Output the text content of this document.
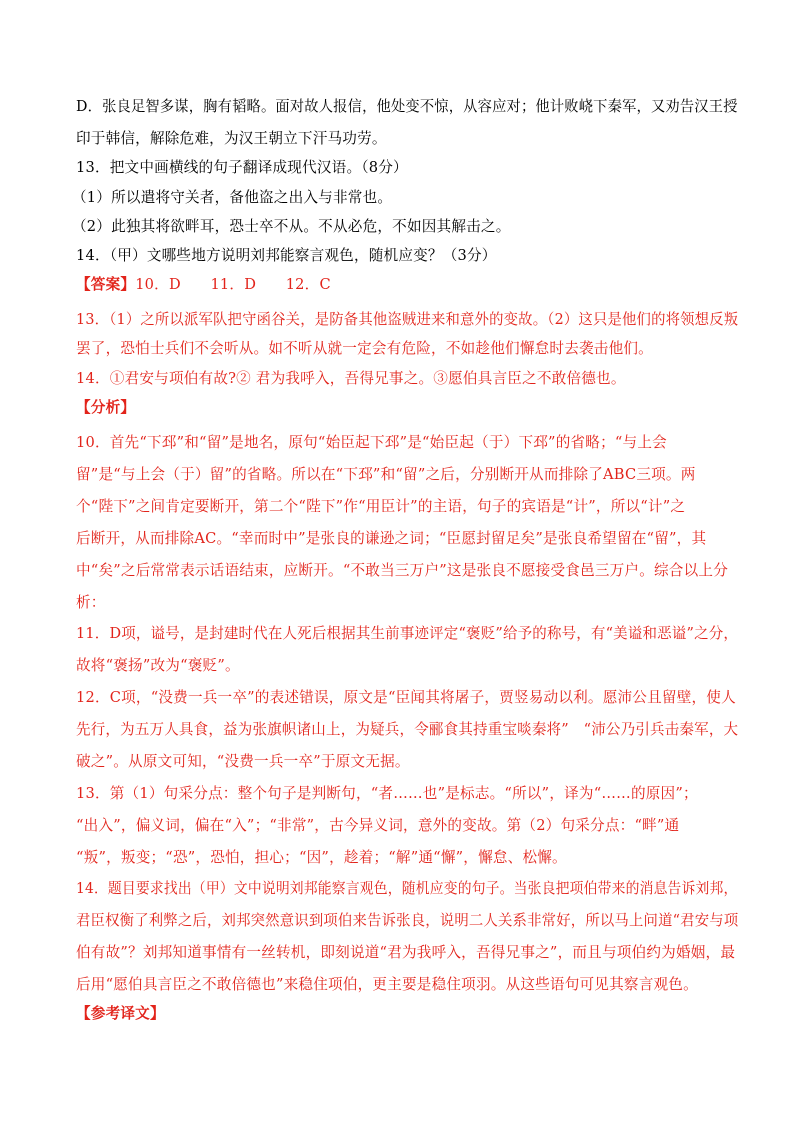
D．张良足智多谋，胸有韬略。面对故人报信，他处变不惊，从容应对；他计败峣下秦军，又劝告汉王授
印于韩信，解除危难，为汉王朝立下汗马功劳。
13．把文中画横线的句子翻译成现代汉语。（8分）
（1）所以遣将守关者，备他盗之出入与非常也。
（2）此独其将欲畔耳，恐士卒不从。不从必危，不如因其解击之。
14．（甲）文哪些地方说明刘邦能察言观色，随机应变？（3分）
【答案】10．D　　11．D　　12．C
13．（1）之所以派军队把守函谷关，是防备其他盗贼进来和意外的变故。（2）这只是他们的将领想反叛
罢了，恐怕士兵们不会听从。如不听从就一定会有危险，不如趁他们懈怠时去袭击他们。
14．①君安与项伯有故?② 君为我呼入，吾得兄事之。③愿伯具言臣之不敢倍德也。
【分析】
10．首先“下邳”和“留”是地名，原句“始臣起下邳”是“始臣起（于）下邳”的省略；“与上会
留”是“与上会（于）留”的省略。所以在“下邳”和“留”之后，分别断开从而排除了ABC三项。两
个“陛下”之间肯定要断开，第二个“陛下”作“用臣计”的主语，句子的宾语是“计”，所以“计”之
后断开，从而排除AC。“幸而时中”是张良的谦逊之词；“臣愿封留足矣”是张良希望留在“留”，其
中“矣”之后常常表示话语结束，应断开。“不敢当三万户”这是张良不愿接受食邑三万户。综合以上分
析：
11．D项，谥号，是封建时代在人死后根据其生前事迹评定“褒贬”给予的称号，有“美谥和恶谥”之分，
故将“褒扬”改为“褒贬”。
12．C项，“没费一兵一卒”的表述错误，原文是“臣闻其将屠子，贾竖易动以利。愿沛公且留壁，使人
先行，为五万人具食，益为张旗帜诸山上，为疑兵，令郦食其持重宝啖秦将”　“沛公乃引兵击秦军，大
破之”。从原文可知，“没费一兵一卒”于原文无据。
13．第（1）句采分点：整个句子是判断句，“者……也”是标志。“所以”，译为“……的原因”；
“出入”，偏义词，偏在“入”；“非常”，古今异义词，意外的变故。第（2）句采分点：“畔”通
“叛”，叛变；“恐”，恐怕，担心；“因”，趁着；“解”通“懈”，懈怠、松懈。
14．题目要求找出（甲）文中说明刘邦能察言观色，随机应变的句子。当张良把项伯带来的消息告诉刘邦，
君臣权衡了利弊之后，刘邦突然意识到项伯来告诉张良，说明二人关系非常好，所以马上问道“君安与项
伯有故”？刘邦知道事情有一丝转机，即刻说道“君为我呼入，吾得兄事之”，而且与项伯约为婚姻，最
后用“愿伯具言臣之不敢倍德也”来稳住项伯，更主要是稳住项羽。从这些语句可见其察言观色。
【参考译文】
